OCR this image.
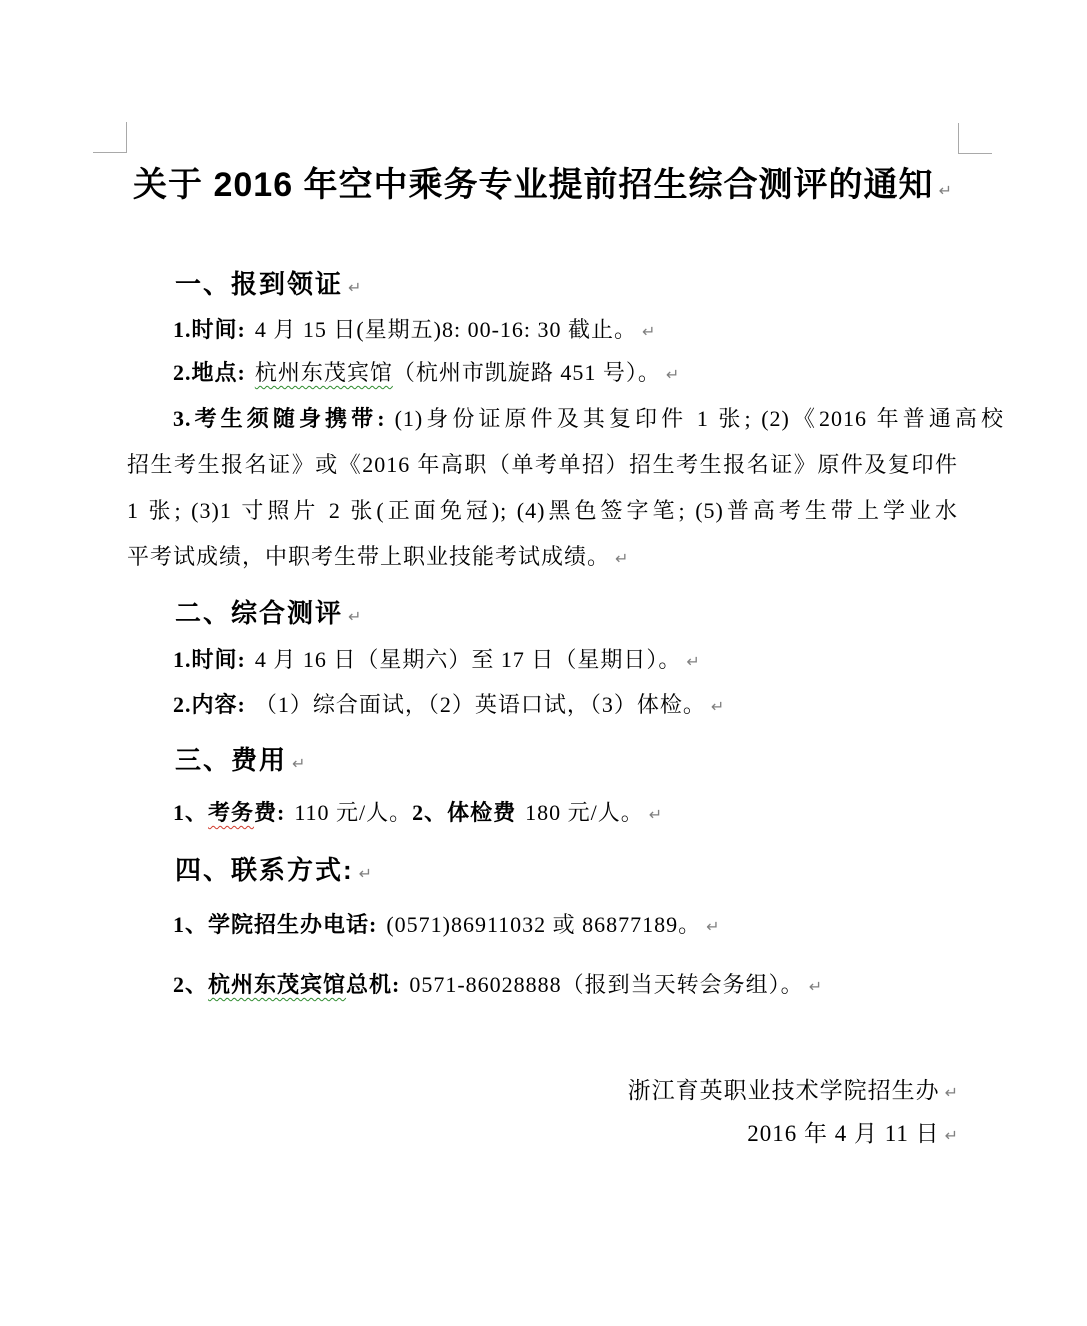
关于 2016 年空中乘务专业提前招生综合测评的通知 ↵
一、报到领证 ↵
1.时间: 4 月 15 日(星期五)8: 00-16: 30 截止。 ↵
2.地点: 杭州东茂宾馆（杭州市凯旋路 451 号）。 ↵
3.考生须随身携带: (1)身份证原件及其复印件 1 张; (2)《2016 年普通高校
招生考生报名证》或《2016 年高职（单考单招）招生考生报名证》原件及复印件
1 张; (3)1 寸照片 2 张(正面免冠); (4)黑色签字笔; (5)普高考生带上学业水
平考试成绩，中职考生带上职业技能考试成绩。 ↵
二、综合测评 ↵
1.时间: 4 月 16 日（星期六）至 17 日（星期日）。 ↵
2.内容: （1）综合面试，（2）英语口试，（3）体检。 ↵
三、费用 ↵
1、考务费: 110 元/人。2、体检费 180 元/人。 ↵
四、联系方式: ↵
1、学院招生办电话: (0571)86911032 或 86877189。 ↵
2、杭州东茂宾馆总机: 0571-86028888（报到当天转会务组）。 ↵
浙江育英职业技术学院招生办 ↵
2016 年 4 月 11 日 ↵
